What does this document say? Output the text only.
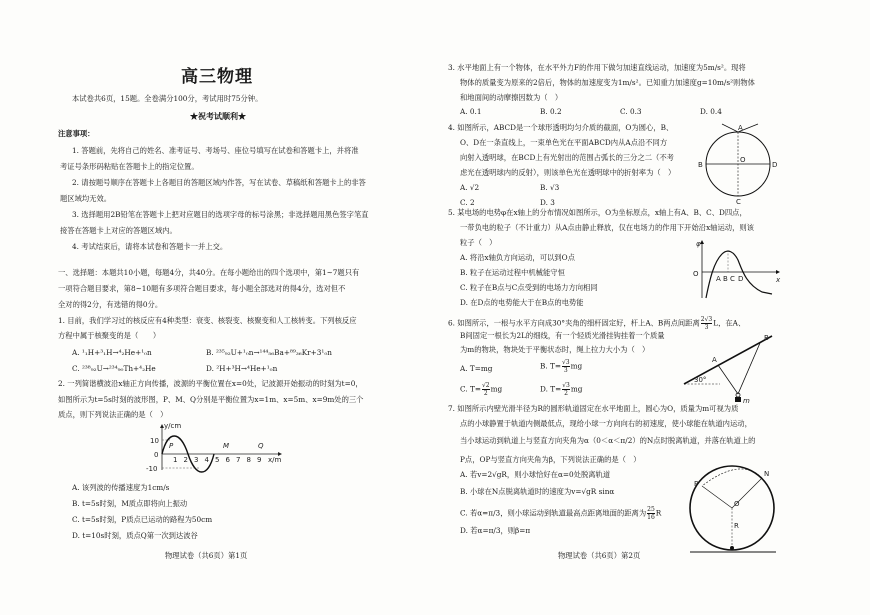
高三物理
本试卷共6页，15题。全卷满分100分，考试用时75分钟。
★祝考试顺利★
注意事项：
1. 答题前，先将自己的姓名、准考证号、考场号、座位号填写在试卷和答题卡上，并将准
考证号条形码粘贴在答题卡上的指定位置。
2. 请按题号顺序在答题卡上各题目的答题区域内作答，写在试卷、草稿纸和答题卡上的非答
题区域均无效。
3. 选择题用2B铅笔在答题卡上把对应题目的选项字母的标号涂黑；非选择题用黑色签字笔直
接答在答题卡上对应的答题区域内。
4. 考试结束后，请将本试卷和答题卡一并上交。
一、选择题：本题共10小题，每题4分，共40分。在每小题给出的四个选项中，第1~7题只有
一项符合题目要求，第8~10题有多项符合题目要求，每小题全部选对的得4分，选对但不
全对的得2分，有选错的得0分。
1. 目前，我们学习过的核反应有4种类型：衰变、核裂变、核聚变和人工核转变。下列核反应
方程中属于核聚变的是（　　）
A. ¹₁H+³₁H→⁴₂He+¹₀n	B. ²³⁵₉₂U+¹₀n→¹⁴⁴₅₆Ba+⁸⁹₃₆Kr+3¹₀n
C. ²³⁸₉₂U→²³⁴₉₀Th+⁴₂He	D. ²H+³H→⁴He+¹₀n
2. 一列简谐横波沿x轴正方向传播，波源的平衡位置在x=0处，记波源开始振动的时刻为t=0，
如图所示为t=5s时刻的波形图，P、M、Q分别是平衡位置为x=1m、x=5m、x=9m处的三个
质点，则下列说法正确的是（　）
y/cm
10
0
-10
P	M	Q
1 2 3 4 5 6 7 8 9 x/m
A. 该列波的传播速度为1cm/s
B. t=5s时刻，M质点即将向上振动
C. t=5s时刻，P质点已运动的路程为50cm
D. t=10s时刻，质点Q第一次到达波谷
物理试卷（共6页）第1页
3. 水平地面上有一个物体，在水平外力F的作用下做匀加速直线运动，加速度为5m/s²。现将
物体的质量变为原来的2倍后，物体的加速度变为1m/s²。已知重力加速度g=10m/s²则物体
和地面间的动摩擦因数为（　）
A. 0.1	B. 0.2	C. 0.3	D. 0.4
4. 如图所示，ABCD是一个球形透明均匀介质的截面，O为圆心，B、
O、D在一条直线上，一束单色光在平面ABCD内从A点沿不同方
向射入透明球，在BCD上有光射出的范围占弧长的三分之二（不考
虑光在透明球内的反射），则该单色光在透明球中的折射率为（　）
A. √2	B. √3
C. 2	D. 3
A
B
O
D
C
5. 某电场的电势φ在x轴上的分布情况如图所示，O为坐标原点，x轴上有A、B、C、D四点，
一带负电的粒子（不计重力）从A点由静止释放，仅在电场力的作用下开始沿x轴运动，则该
粒子（　）
A. 将沿x轴负方向运动，可以到O点
B. 粒子在运动过程中机械能守恒
C. 粒子在B点与C点受到的电场力方向相同
D. 在D点的电势能大于在B点的电势能
φ
O
x
A B C D
6. 如图所示，一根与水平方向成30°夹角的细杆固定好，杆上A、B两点间距离 $\frac{2√3}{3}$ L，在A、
B间固定一根长为2L的细线，有一个轻质光滑挂钩挂着一个质量
为m的物块，物块处于平衡状态时，绳上拉力大小为（　）
A. T=mg	B. $T= \frac{√3}{3}$ mg
C. $T= \frac{√2}{2}$ mg	D. $T= \frac{√3}{2}$ mg
A
B
30°
m
7. 如图所示内壁光滑半径为R的圆形轨道固定在水平地面上，圆心为O，质量为m可视为质
点的小球静置于轨道内侧最低点，现给小球一方向向右的初速度，使小球能在轨道内运动，
当小球运动到轨道上与竖直方向夹角为α（0＜α＜π/2）的N点时脱离轨道，并落在轨道上的
P点，OP与竖直方向夹角为β，下列说法正确的是（　）
A. 若v=2√gR，则小球恰好在α=0处脱离轨道
B. 小球在N点脱离轨道时的速度为v=√gR sinα
C. 若α=π/3，则小球运动到轨道最高点距离地面的距离为 $\frac{25}{16}$ R
D. 若α=π/3，则β=π
N
O
R
P
物理试卷（共6页）第2页
